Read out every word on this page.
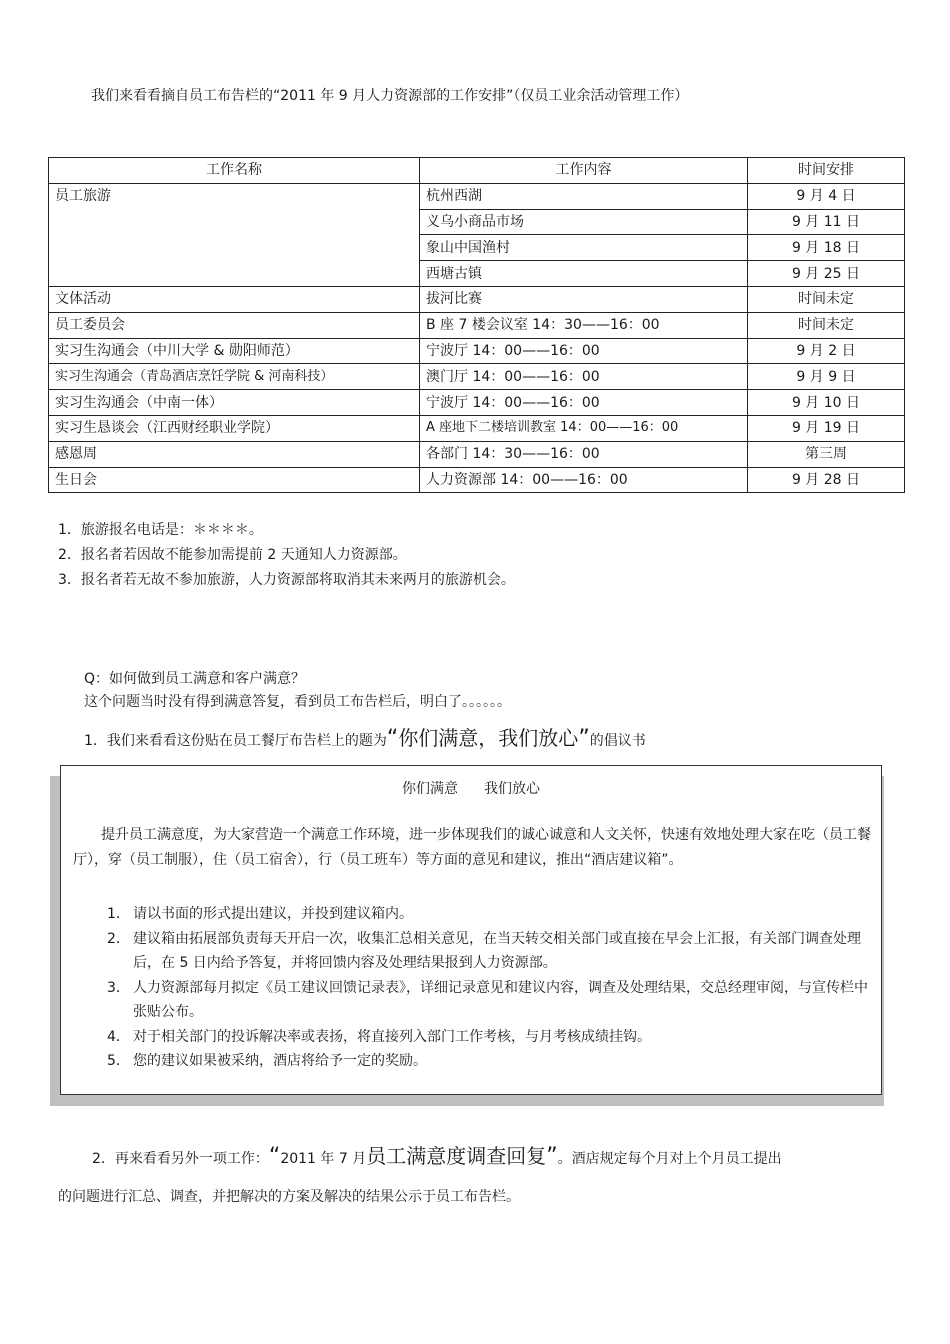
我们来看看摘自员工布告栏的“2011 年 9 月人力资源部的工作安排”（仅员工业余活动管理工作）
工作名称	工作内容	时间安排
员工旅游	杭州西湖	9 月 4 日
	义乌小商品市场	9 月 11 日
	象山中国渔村	9 月 18 日
	西塘古镇	9 月 25 日
文体活动	拔河比赛	时间未定
员工委员会	B 座 7 楼会议室 14：30——16：00	时间未定
实习生沟通会（中川大学 & 勋阳师范）	宁波厅 14：00——16：00	9 月 2 日
实习生沟通会（青岛酒店烹饪学院 & 河南科技）	澳门厅 14：00——16：00	9 月 9 日
实习生沟通会（中南一体）	宁波厅 14：00——16：00	9 月 10 日
实习生恳谈会（江西财经职业学院）	A 座地下二楼培训教室 14：00——16：00	9 月 19 日
感恩周	各部门 14：30——16：00	第三周
生日会	人力资源部 14：00——16：00	9 月 28 日
1．旅游报名电话是：＊＊＊＊。
2．报名者若因故不能参加需提前 2 天通知人力资源部。
3．报名者若无故不参加旅游，人力资源部将取消其未来两月的旅游机会。
Q：如何做到员工满意和客户满意？
这个问题当时没有得到满意答复，看到员工布告栏后，明白了。。。。。。
1．我们来看看这份贴在员工餐厅布告栏上的题为“你们满意，我们放心”的倡议书
你们满意 我们放心
提升员工满意度，为大家营造一个满意工作环境，进一步体现我们的诚心诚意和人文关怀，快速有效地处理大家在吃（员工餐厅），穿（员工制服），住（员工宿舍），行（员工班车）等方面的意见和建议，推出“酒店建议箱”。
1． 请以书面的形式提出建议，并投到建议箱内。
2． 建议箱由拓展部负责每天开启一次，收集汇总相关意见，在当天转交相关部门或直接在早会上汇报，有关部门调查处理后，在 5 日内给予答复，并将回馈内容及处理结果报到人力资源部。
3． 人力资源部每月拟定《员工建议回馈记录表》，详细记录意见和建议内容，调查及处理结果，交总经理审阅，与宣传栏中张贴公布。
4． 对于相关部门的投诉解决率或表扬，将直接列入部门工作考核，与月考核成绩挂钩。
5． 您的建议如果被采纳，酒店将给予一定的奖励。
2．再来看看另外一项工作：“2011 年 7 月员工满意度调查回复”。酒店规定每个月对上个月员工提出
的问题进行汇总、调查，并把解决的方案及解决的结果公示于员工布告栏。
